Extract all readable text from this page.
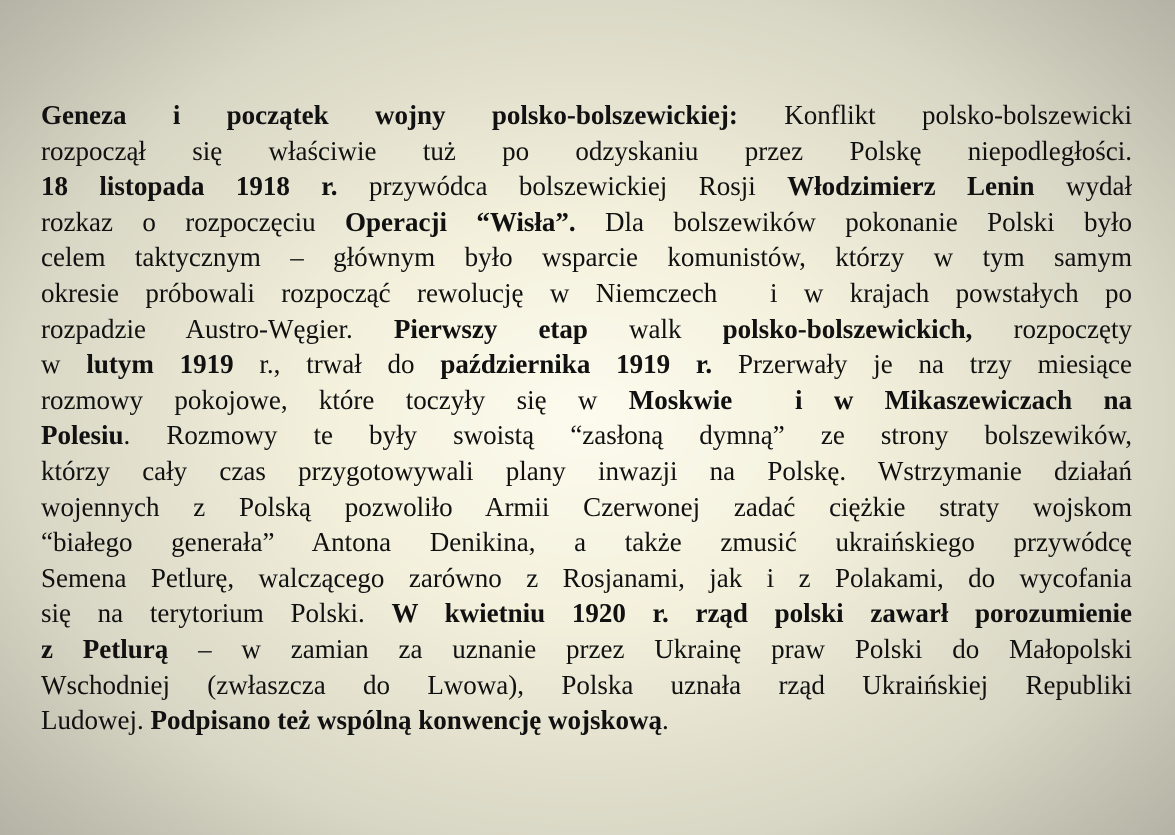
Geneza i początek wojny polsko-bolszewickiej: Konflikt polsko-bolszewicki
rozpoczął się właściwie tuż po odzyskaniu przez Polskę niepodległości.
18 listopada 1918 r. przywódca bolszewickiej Rosji Włodzimierz Lenin wydał
rozkaz o rozpoczęciu Operacji “Wisła”. Dla bolszewików pokonanie Polski było
celem taktycznym – głównym było wsparcie komunistów, którzy w tym samym
okresie próbowali rozpocząć rewolucję w Niemczech  i w krajach powstałych po
rozpadzie Austro-Węgier. Pierwszy etap walk polsko-bolszewickich, rozpoczęty
w lutym 1919 r., trwał do października 1919 r. Przerwały je na trzy miesiące
rozmowy pokojowe, które toczyły się w Moskwie  i w Mikaszewiczach na
Polesiu. Rozmowy te były swoistą “zasłoną dymną” ze strony bolszewików,
którzy cały czas przygotowywali plany inwazji na Polskę. Wstrzymanie działań
wojennych z Polską pozwoliło Armii Czerwonej zadać ciężkie straty wojskom
“białego generała” Antona Denikina, a także zmusić ukraińskiego przywódcę
Semena Petlurę, walczącego zarówno z Rosjanami, jak i z Polakami, do wycofania
się na terytorium Polski. W kwietniu 1920 r. rząd polski zawarł porozumienie
z Petlurą – w zamian za uznanie przez Ukrainę praw Polski do Małopolski
Wschodniej (zwłaszcza do Lwowa), Polska uznała rząd Ukraińskiej Republiki
Ludowej. Podpisano też wspólną konwencję wojskową.
